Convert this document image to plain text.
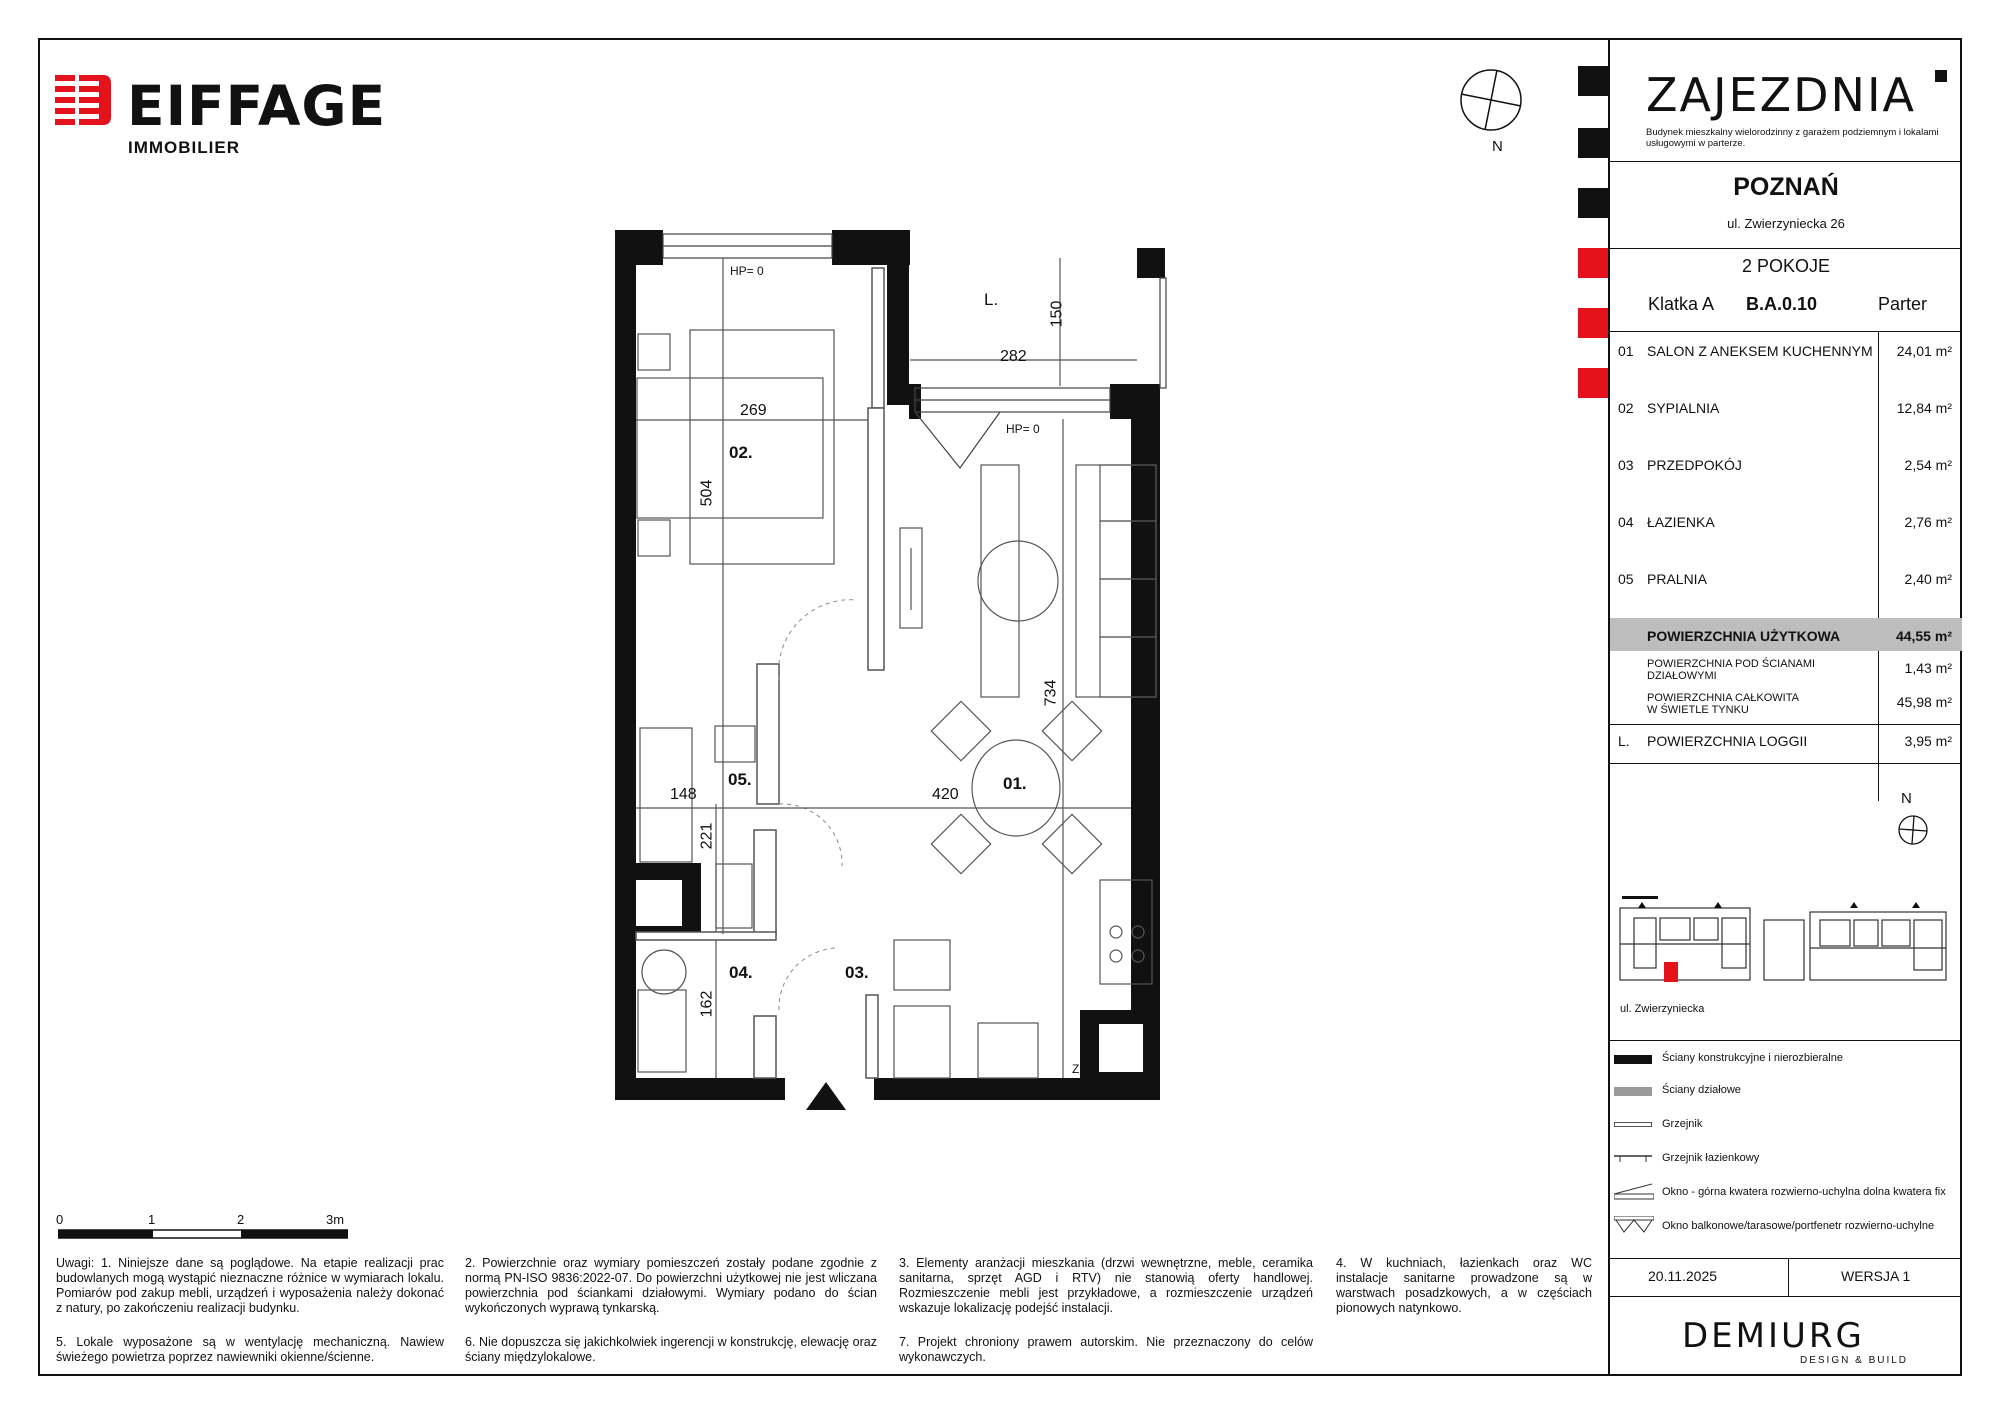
EIFFAGE
IMMOBILIER	N
ZAJEZDNIA
Budynek mieszkalny wielorodzinny z garażem podziemnym i lokalami usługowymi w parterze.
POZNAŃ
ul. Zwierzyniecka 26
2 POKOJE
Klatka A B.A.0.10	Parter
01 SALON Z ANEKSEM KUCHENNYM	24,01 m²
02 SYPIALNIA	12,84 m²
03 PRZEDPOKÓJ	2,54 m²
04 ŁAZIENKA	2,76 m²
05 PRALNIA	2,40 m²
POWIERZCHNIA UŻYTKOWA	44,55 m²
POWIERZCHNIA POD ŚCIANAMI
DZIAŁOWYMI	1,43 m²
POWIERZCHNIA CAŁKOWITA
W ŚWIETLE TYNKU	45,98 m²
L. POWIERZCHNIA LOGGII	3,95 m²
20.11.2025	WERSJA 1
N
ul. Zwierzyniecka
Ściany konstrukcyjne i nierozbieralne
Ściany działowe
Grzejnik
Grzejnik łazienkowy
Okno - górna kwatera rozwierno-uchylna dolna kwatera fix
Okno balkonowe/tarasowe/portfenetr rozwierno-uchylne
DEMIURG
DESIGN & BUILD
0	1	2	3m
Uwagi: 1. Niniejsze dane są poglądowe. Na etapie realizacji prac budowlanych mogą wystąpić nieznaczne różnice w wymiarach lokalu. Pomiarów pod zakup mebli, urządzeń i wyposażenia należy dokonać z natury, po zakończeniu realizacji budynku.
5. Lokale wyposażone są w wentylację mechaniczną. Nawiew świeżego powietrza poprzez nawiewniki okienne/ścienne.
2. Powierzchnie oraz wymiary pomieszczeń zostały podane zgodnie z normą PN-ISO 9836:2022-07. Do powierzchni użytkowej nie jest wliczana powierzchnia pod ściankami działowymi. Wymiary podano do ścian wykończonych wyprawą tynkarską.
6. Nie dopuszcza się jakichkolwiek ingerencji w konstrukcję, elewację oraz ściany międzylokalowe.
3. Elementy aranżacji mieszkania (drzwi wewnętrzne, meble, ceramika sanitarna, sprzęt AGD i RTV) nie stanowią oferty handlowej. Rozmieszczenie mebli jest przykładowe, a rozmieszczenie urządzeń wskazuje lokalizację podejść instalacji.
7. Projekt chroniony prawem autorskim. Nie przeznaczony do celów wykonawczych.
4. W kuchniach, łazienkach oraz WC instalacje sanitarne prowadzone są w warstwach posadzkowych, a w częściach pionowych natynkowo.
01.
02.
03.
04.
05.
L.
282
150
269
504
734
420
148
221
162
HP= 0
HP= 0
Z
